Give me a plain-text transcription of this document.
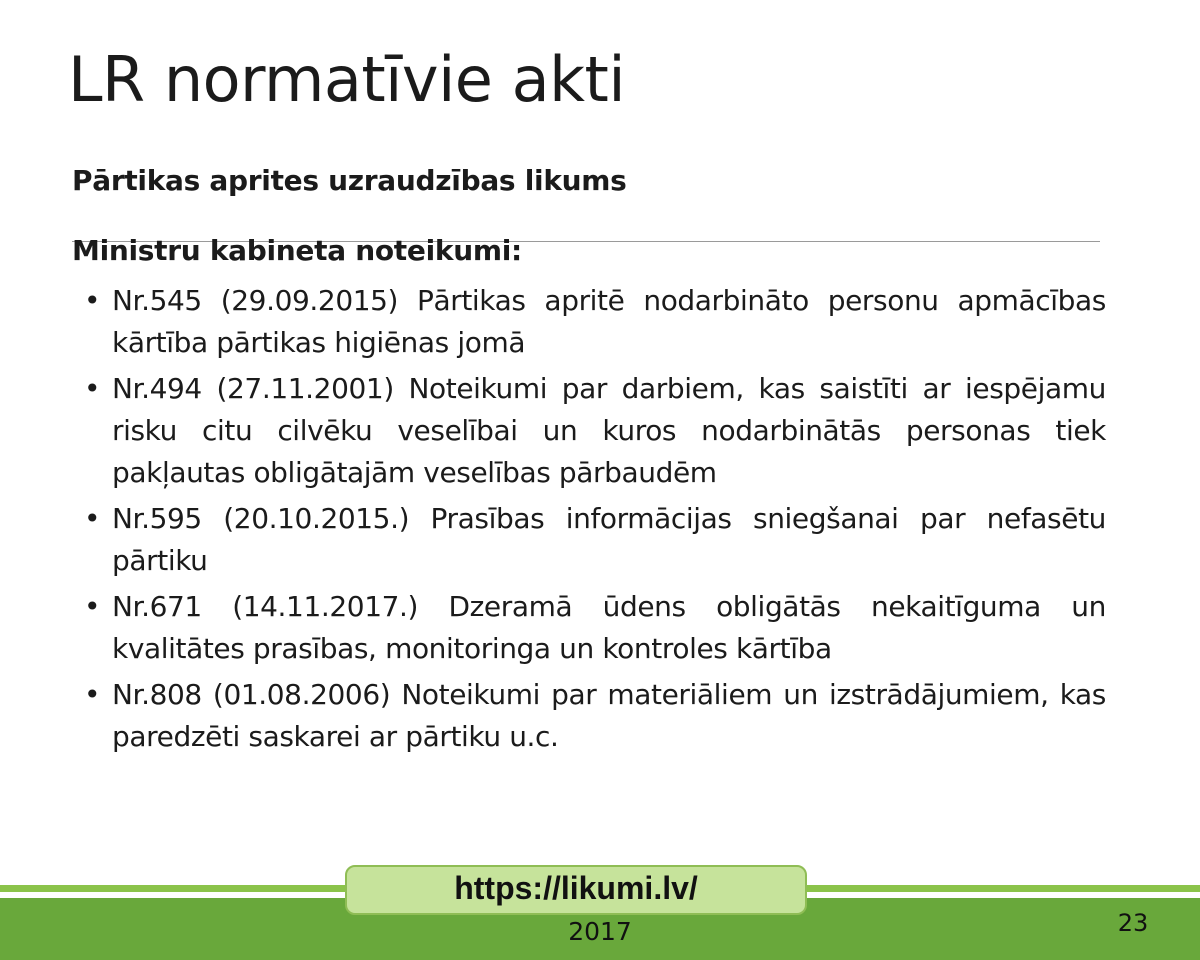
LR normatīvie akti
Pārtikas aprites uzraudzības likums
Ministru kabineta noteikumi:
• Nr.545 (29.09.2015) Pārtikas apritē nodarbināto personu apmācības kārtība pārtikas higiēnas jomā
• Nr.494 (27.11.2001) Noteikumi par darbiem, kas saistīti ar iespējamu risku citu cilvēku veselībai un kuros nodarbinātās personas tiek pakļautas obligātajām veselības pārbaudēm
• Nr.595 (20.10.2015.) Prasības informācijas sniegšanai par nefasētu pārtiku
• Nr.671 (14.11.2017.) Dzeramā ūdens obligātās nekaitīguma un kvalitātes prasības, monitoringa un kontroles kārtība
• Nr.808 (01.08.2006) Noteikumi par materiāliem un izstrādājumiem, kas paredzēti saskarei ar pārtiku u.c.
https://likumi.lv/
2017	23
